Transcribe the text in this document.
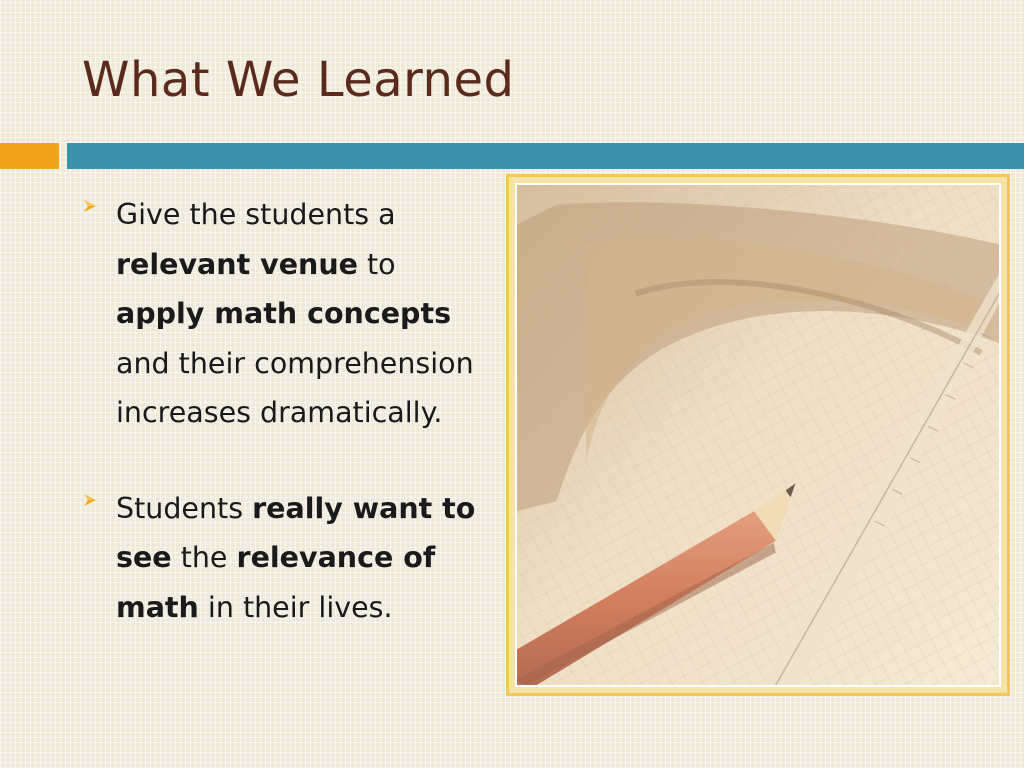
What We Learned
Give the students a relevant venue to apply math concepts and their comprehension increases dramatically.
Students really want to see the relevance of math in their lives.
